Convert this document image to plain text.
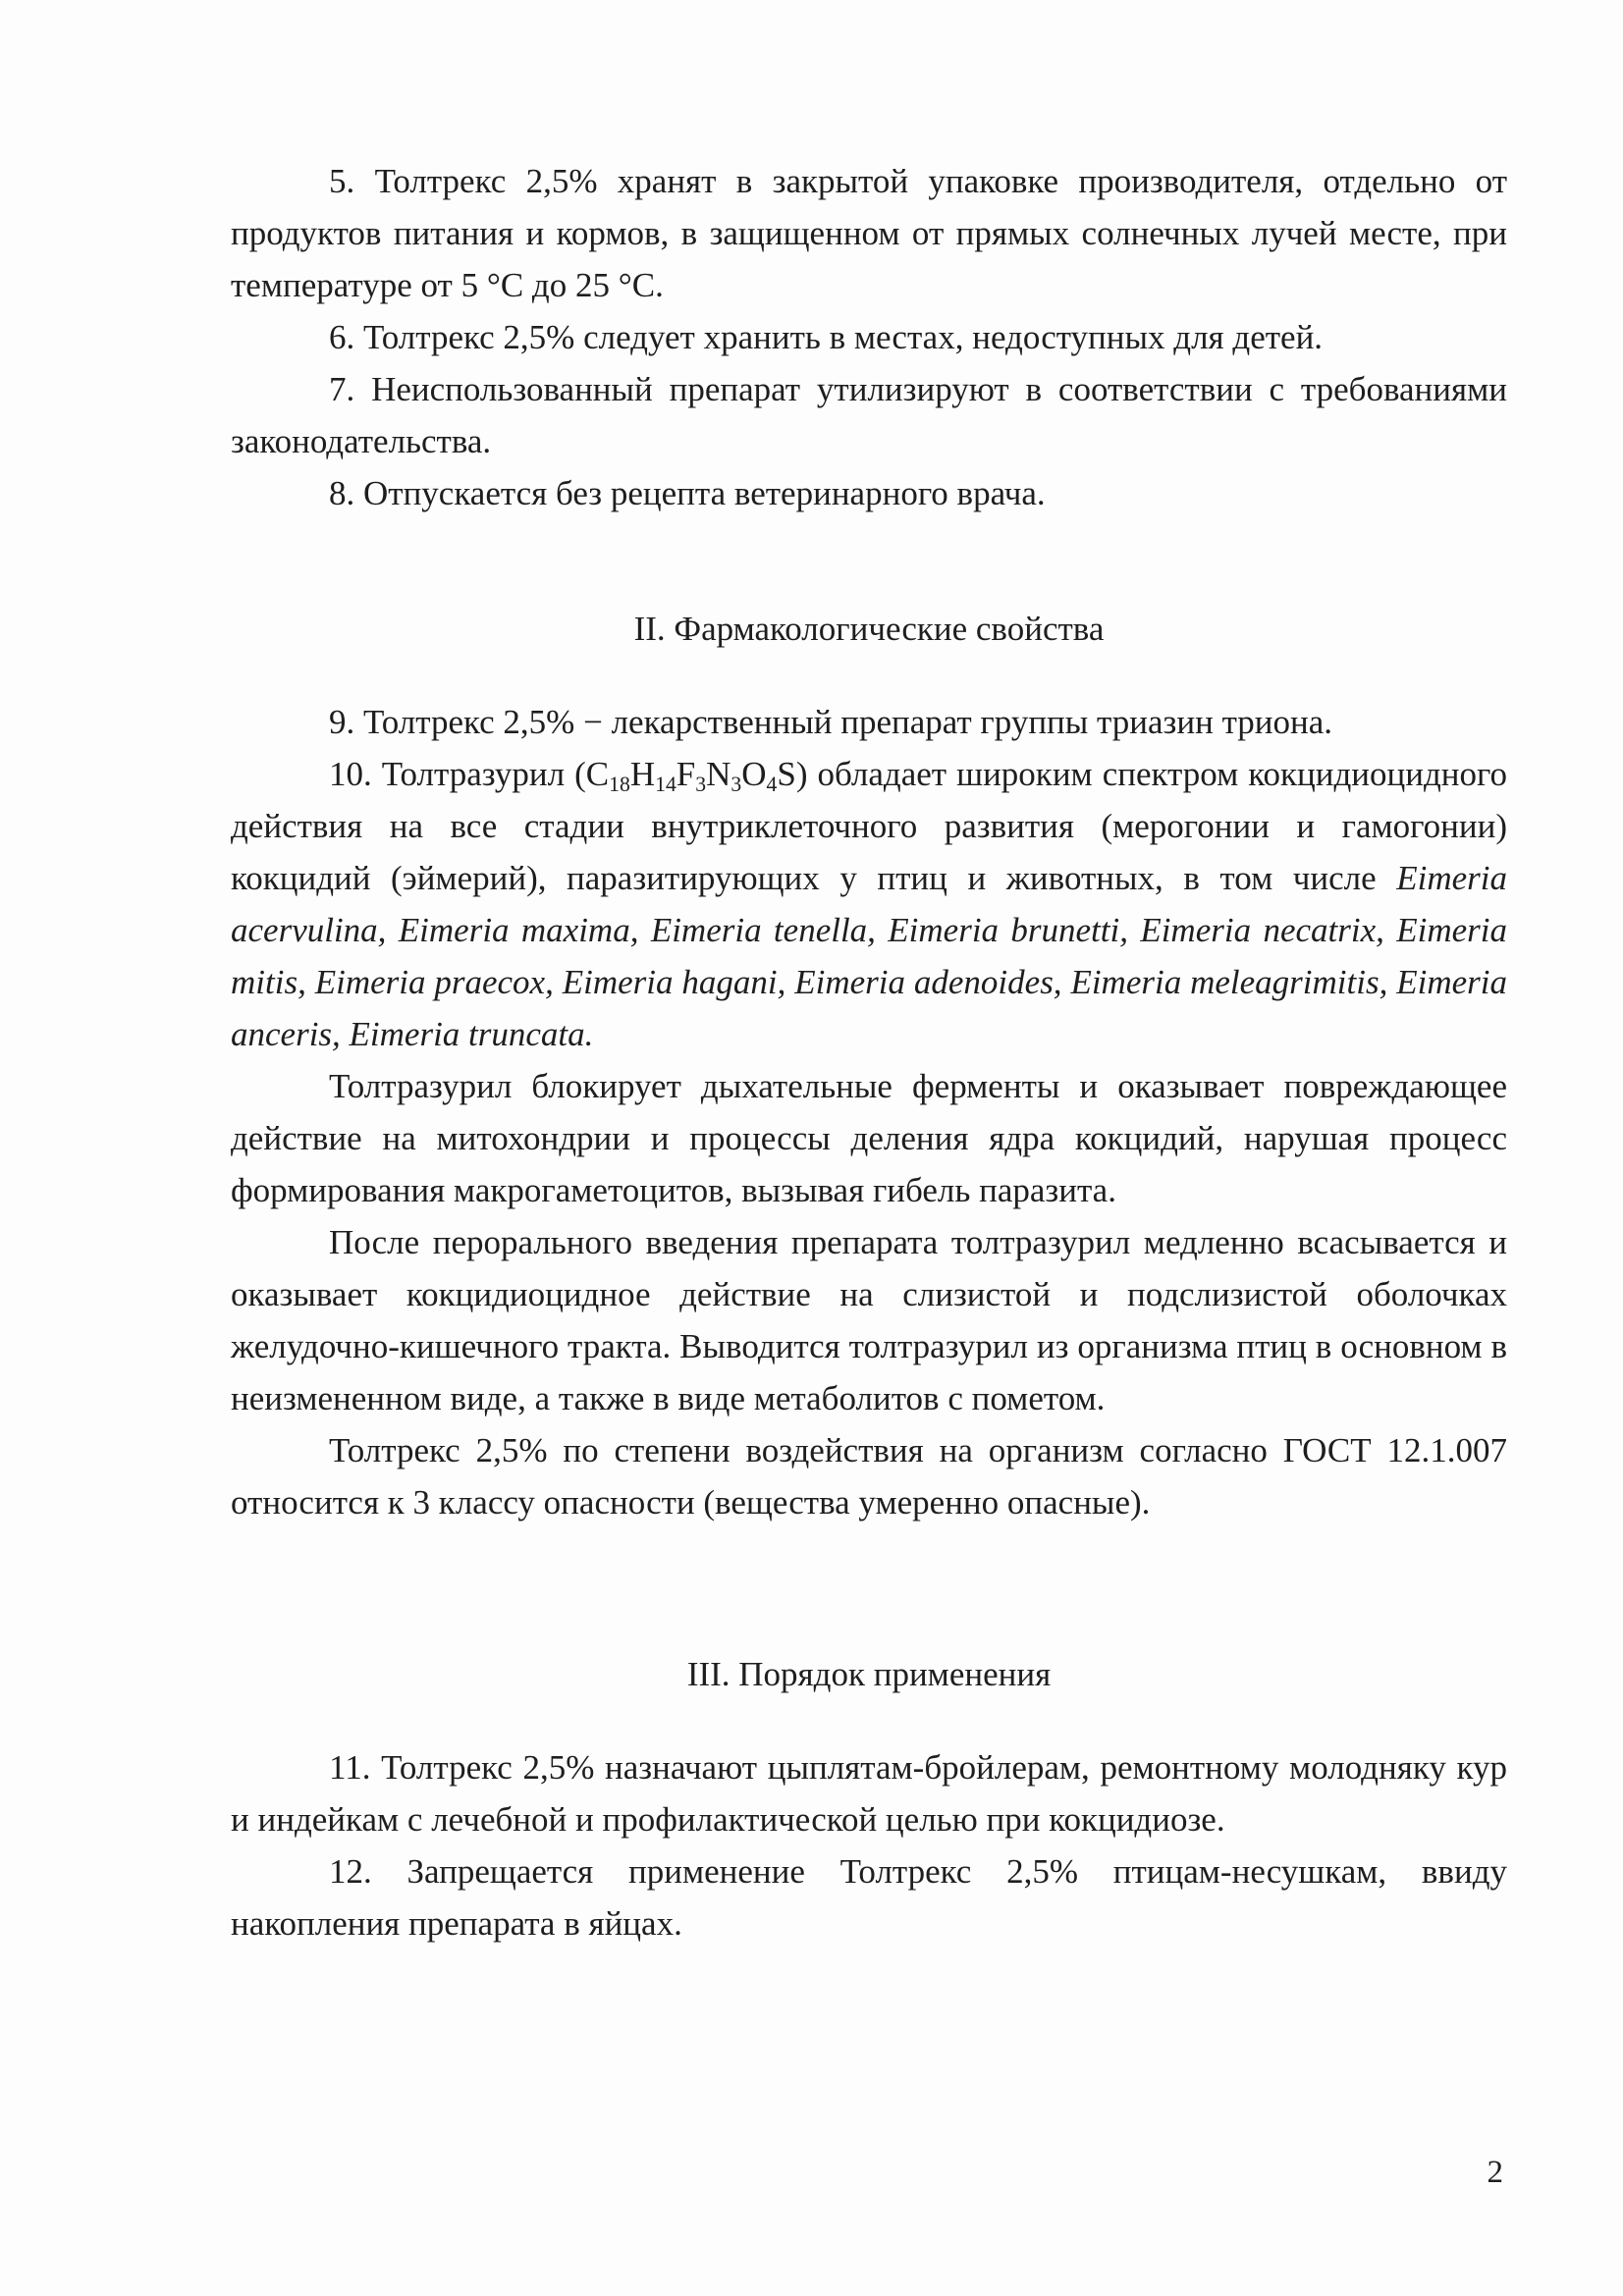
5. Толтрекс 2,5% хранят в закрытой упаковке производителя, отдельно от продуктов питания и кормов, в защищенном от прямых солнечных лучей месте, при температуре от 5 °C до 25 °C.

6. Толтрекс 2,5% следует хранить в местах, недоступных для детей.

7. Неиспользованный препарат утилизируют в соответствии с требованиями законодательства.

8. Отпускается без рецепта ветеринарного врача.

II. Фармакологические свойства

9. Толтрекс 2,5% − лекарственный препарат группы триазин триона.

10. Толтразурил $(C_{18}H_{14}F_3N_3O_4S)$ обладает широким спектром кокцидиоцидного действия на все стадии внутриклеточного развития (мерогонии и гамогонии) кокцидий (эймерий), паразитирующих у птиц и животных, в том числе Eimeria acervulina, Eimeria maxima, Eimeria tenella, Eimeria brunetti, Eimeria necatrix, Eimeria mitis, Eimeria praecox, Eimeria hagani, Eimeria adenoides, Eimeria meleagrimitis, Eimeria anceris, Eimeria truncata.

Толтразурил блокирует дыхательные ферменты и оказывает повреждающее действие на митохондрии и процессы деления ядра кокцидий, нарушая процесс формирования макрогаметоцитов, вызывая гибель паразита.

После перорального введения препарата толтразурил медленно всасывается и оказывает кокцидиоцидное действие на слизистой и подслизистой оболочках желудочно-кишечного тракта. Выводится толтразурил из организма птиц в основном в неизмененном виде, а также в виде метаболитов с пометом.

Толтрекс 2,5% по степени воздействия на организм согласно ГОСТ 12.1.007 относится к 3 классу опасности (вещества умеренно опасные).

III. Порядок применения

11. Толтрекс 2,5% назначают цыплятам-бройлерам, ремонтному молодняку кур и индейкам с лечебной и профилактической целью при кокцидиозе.

12. Запрещается применение Толтрекс 2,5% птицам-несушкам, ввиду накопления препарата в яйцах.

2
